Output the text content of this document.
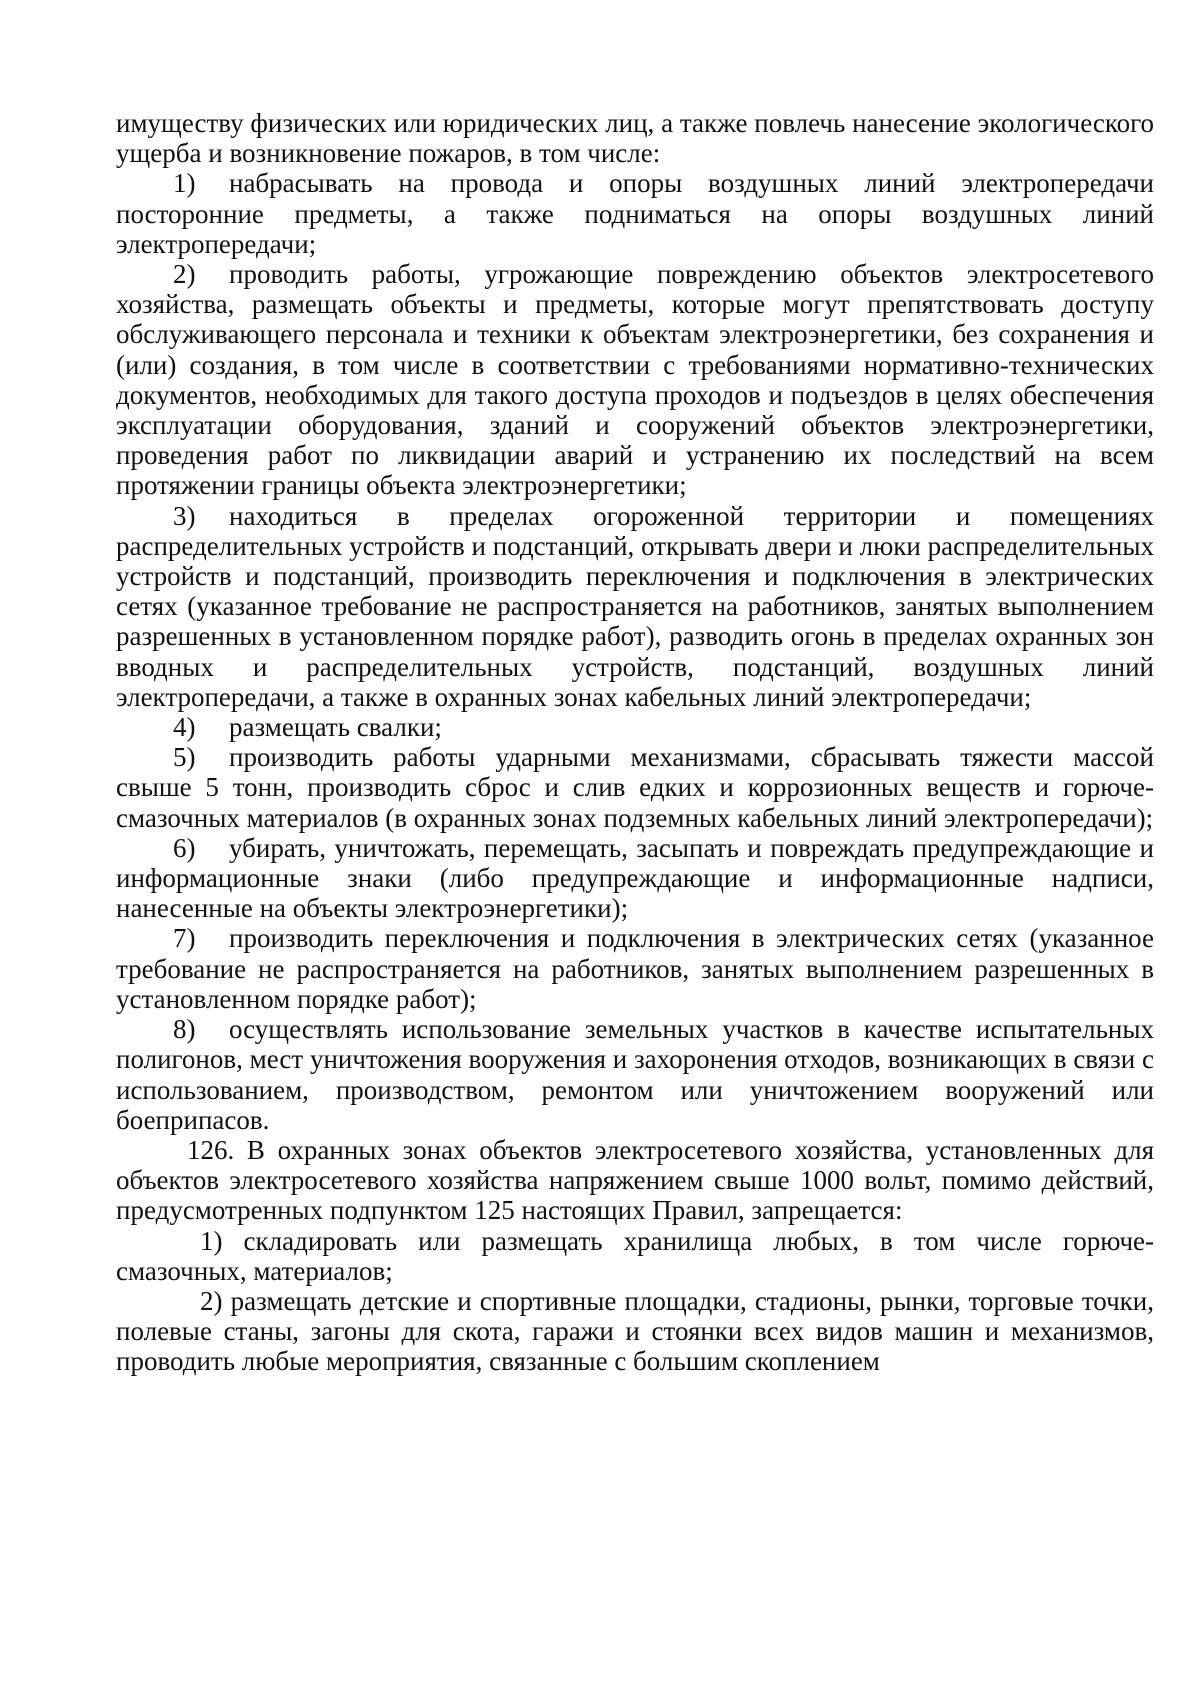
имуществу физических или юридических лиц, а также повлечь нанесение экологического ущерба и возникновение пожаров, в том числе:

1) набрасывать на провода и опоры воздушных линий электропередачи посторонние предметы, а также подниматься на опоры воздушных линий электропередачи;

2) проводить работы, угрожающие повреждению объектов электросетевого хозяйства, размещать объекты и предметы, которые могут препятствовать доступу обслуживающего персонала и техники к объектам электроэнергетики, без сохранения и (или) создания, в том числе в соответствии с требованиями нормативно-технических документов, необходимых для такого доступа проходов и подъездов в целях обеспечения эксплуатации оборудования, зданий и сооружений объектов электроэнергетики, проведения работ по ликвидации аварий и устранению их последствий на всем протяжении границы объекта электроэнергетики;

3) находиться в пределах огороженной территории и помещениях распределительных устройств и подстанций, открывать двери и люки распределительных устройств и подстанций, производить переключения и подключения в электрических сетях (указанное требование не распространяется на работников, занятых выполнением разрешенных в установленном порядке работ), разводить огонь в пределах охранных зон вводных и распределительных устройств, подстанций, воздушных линий электропередачи, а также в охранных зонах кабельных линий электропередачи;

4) размещать свалки;

5) производить работы ударными механизмами, сбрасывать тяжести массой свыше 5 тонн, производить сброс и слив едких и коррозионных веществ и горюче-смазочных материалов (в охранных зонах подземных кабельных линий электропередачи);

6) убирать, уничтожать, перемещать, засыпать и повреждать предупреждающие и информационные знаки (либо предупреждающие и информационные надписи, нанесенные на объекты электроэнергетики);

7) производить переключения и подключения в электрических сетях (указанное требование не распространяется на работников, занятых выполнением разрешенных в установленном порядке работ);

8) осуществлять использование земельных участков в качестве испытательных полигонов, мест уничтожения вооружения и захоронения отходов, возникающих в связи с использованием, производством, ремонтом или уничтожением вооружений или боеприпасов.

126. В охранных зонах объектов электросетевого хозяйства, установленных для объектов электросетевого хозяйства напряжением свыше 1000 вольт, помимо действий, предусмотренных подпунктом 125 настоящих Правил, запрещается:

1) складировать или размещать хранилища любых, в том числе горюче-смазочных, материалов;

2) размещать детские и спортивные площадки, стадионы, рынки, торговые точки, полевые станы, загоны для скота, гаражи и стоянки всех видов машин и механизмов, проводить любые мероприятия, связанные с большим скоплением
